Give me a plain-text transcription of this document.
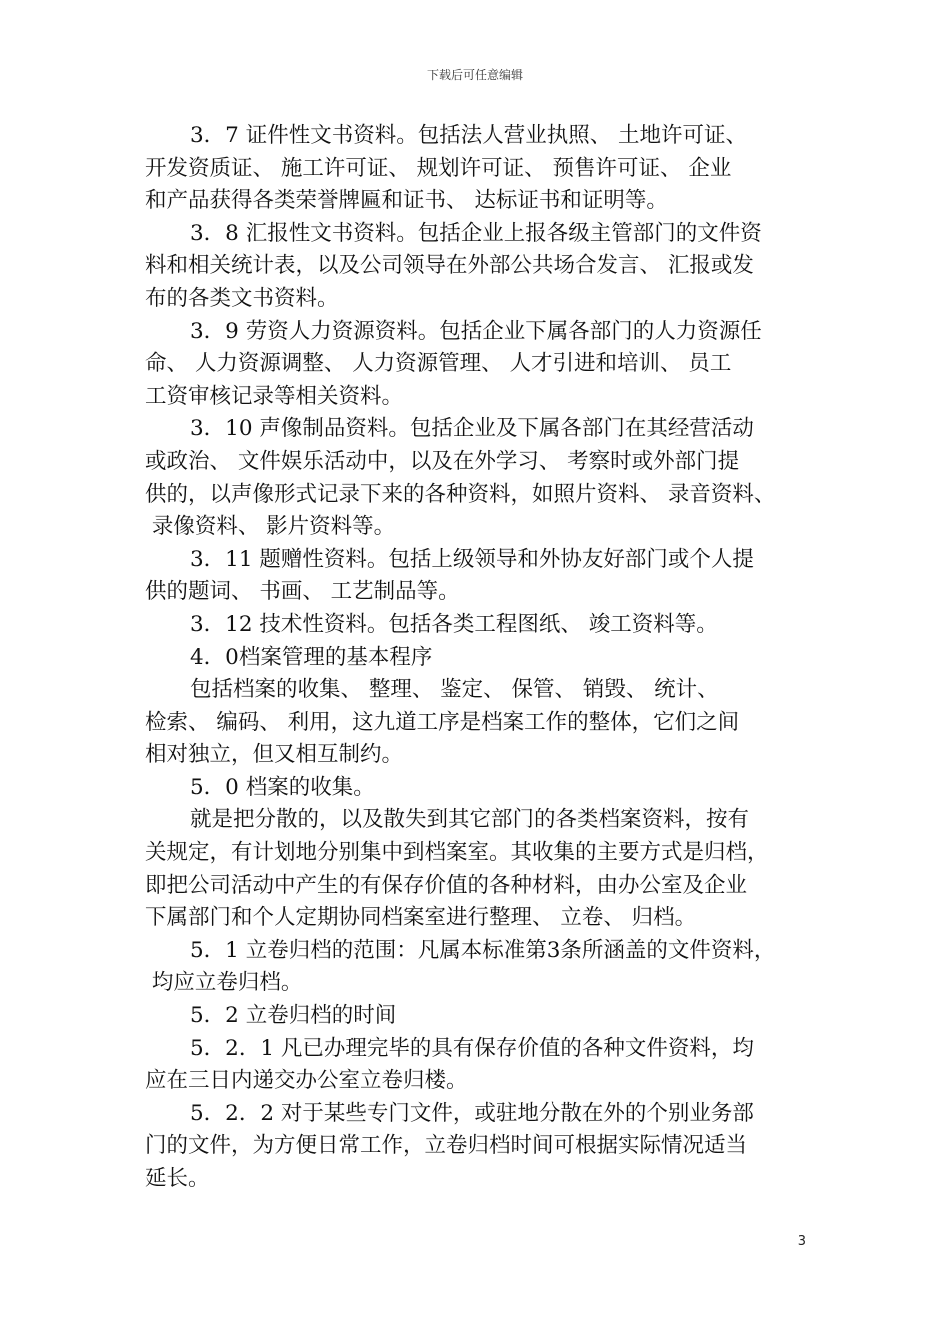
下载后可任意编辑
3．7 证件性文书资料。包括法人营业执照、 土地许可证、
开发资质证、 施工许可证、 规划许可证、 预售许可证、 企业
和产品获得各类荣誉牌匾和证书、 达标证书和证明等。
3．8 汇报性文书资料。包括企业上报各级主管部门的文件资
料和相关统计表，以及公司领导在外部公共场合发言、 汇报或发
布的各类文书资料。
3．9 劳资人力资源资料。包括企业下属各部门的人力资源任
命、 人力资源调整、 人力资源管理、 人才引进和培训、 员工
工资审核记录等相关资料。
3．10 声像制品资料。包括企业及下属各部门在其经营活动
或政治、 文件娱乐活动中，以及在外学习、 考察时或外部门提
供的，以声像形式记录下来的各种资料，如照片资料、 录音资料、
录像资料、 影片资料等。
3．11 题赠性资料。包括上级领导和外协友好部门或个人提
供的题词、 书画、 工艺制品等。
3．12 技术性资料。包括各类工程图纸、 竣工资料等。
4．0档案管理的基本程序
包括档案的收集、 整理、 鉴定、 保管、 销毁、 统计、
检索、 编码、 利用，这九道工序是档案工作的整体，它们之间
相对独立，但又相互制约。
5．0 档案的收集。
就是把分散的，以及散失到其它部门的各类档案资料，按有
关规定，有计划地分别集中到档案室。其收集的主要方式是归档，
即把公司活动中产生的有保存价值的各种材料，由办公室及企业
下属部门和个人定期协同档案室进行整理、 立卷、 归档。
5．1 立卷归档的范围：凡属本标准第3条所涵盖的文件资料，
均应立卷归档。
5．2 立卷归档的时间
5．2．1 凡已办理完毕的具有保存价值的各种文件资料，均
应在三日内递交办公室立卷归楼。
5．2．2 对于某些专门文件，或驻地分散在外的个别业务部
门的文件，为方便日常工作，立卷归档时间可根据实际情况适当
延长。
3
